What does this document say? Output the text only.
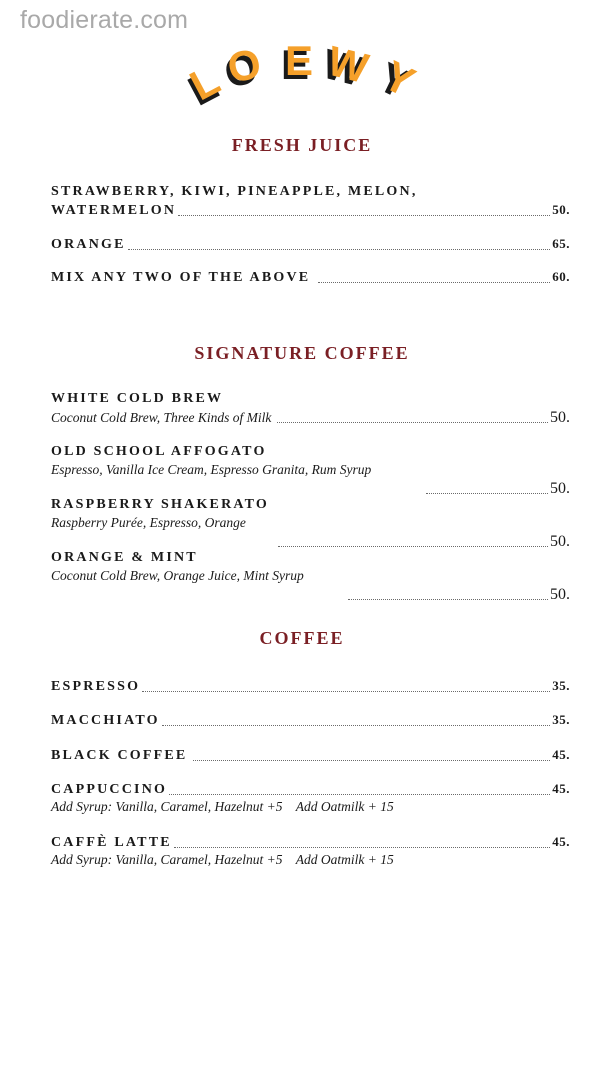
foodierate.com
L
O E W Y
FRESH JUICE
STRAWBERRY, KIWI, PINEAPPLE, MELON,
WATERMELON	50.
ORANGE	65.
MIX ANY TWO OF THE ABOVE	60.
SIGNATURE COFFEE
WHITE COLD BREW
Coconut Cold Brew, Three Kinds of Milk	50.
OLD SCHOOL AFFOGATO
Espresso, Vanilla Ice Cream, Espresso Granita, Rum Syrup
50.
RASPBERRY SHAKERATO
Raspberry Purée, Espresso, Orange
50.
ORANGE & MINT
Coconut Cold Brew, Orange Juice, Mint Syrup
50.
COFFEE
ESPRESSO	35.
MACCHIATO	35.
BLACK COFFEE	45.
CAPPUCCINO	45.
Add Syrup: Vanilla, Caramel, Hazelnut +5    Add Oatmilk + 15
CAFFÈ LATTE	45.
Add Syrup: Vanilla, Caramel, Hazelnut +5    Add Oatmilk + 15
